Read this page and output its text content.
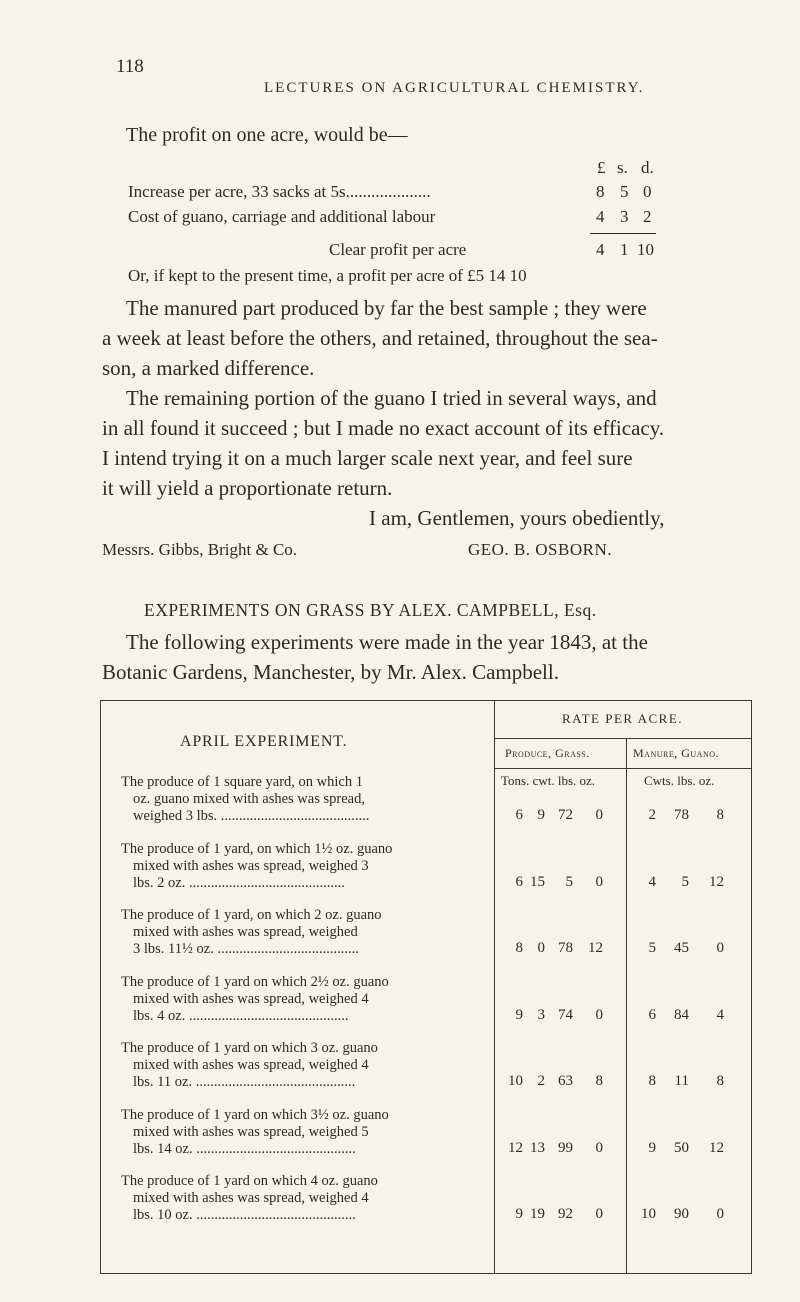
118
LECTURES ON AGRICULTURAL CHEMISTRY.
The profit on one acre, would be—
£ s. d.
Increase per acre, 33 sacks at 5s....................	8 5 0
Cost of guano, carriage and additional labour	4 3 2
Clear profit per acre	4 1 10
Or, if kept to the present time, a profit per acre of £5 14 10
The manured part produced by far the best sample ; they were
a week at least before the others, and retained, throughout the sea-
son, a marked difference.
The remaining portion of the guano I tried in several ways, and
in all found it succeed ; but I made no exact account of its efficacy.
I intend trying it on a much larger scale next year, and feel sure
it will yield a proportionate return.
I am, Gentlemen, yours obediently,
Messrs. Gibbs, Bright & Co.	GEO. B. OSBORN.
EXPERIMENTS ON GRASS BY ALEX. CAMPBELL, Esq.
The following experiments were made in the year 1843, at the
Botanic Gardens, Manchester, by Mr. Alex. Campbell.
APRIL EXPERIMENT.
RATE PER ACRE.
Produce, Grass.	Manure, Guano.
Tons. cwt. lbs. oz.	Cwts. lbs. oz.
The produce of 1 square yard, on which 1
oz. guano mixed with ashes was spread,
weighed 3 lbs. .........................................	6 9 72	0	2	78	8
The produce of 1 yard, on which 1½ oz. guano
mixed with ashes was spread, weighed 3
lbs. 2 oz. ...........................................	6 15	5	0	4	5	12
The produce of 1 yard, on which 2 oz. guano
mixed with ashes was spread, weighed
3 lbs. 11½ oz. .......................................	8 0 78	12	5	45	0
The produce of 1 yard on which 2½ oz. guano
mixed with ashes was spread, weighed 4
lbs. 4 oz. ............................................	9 3 74	0	6	84	4
The produce of 1 yard on which 3 oz. guano
mixed with ashes was spread, weighed 4
lbs. 11 oz. ............................................	10 2 63	8	8	11	8
The produce of 1 yard on which 3½ oz. guano
mixed with ashes was spread, weighed 5
lbs. 14 oz. ............................................	12 13 99	0	9	50	12
The produce of 1 yard on which 4 oz. guano
mixed with ashes was spread, weighed 4
lbs. 10 oz. ............................................	9 19 92	0	10	90	0
